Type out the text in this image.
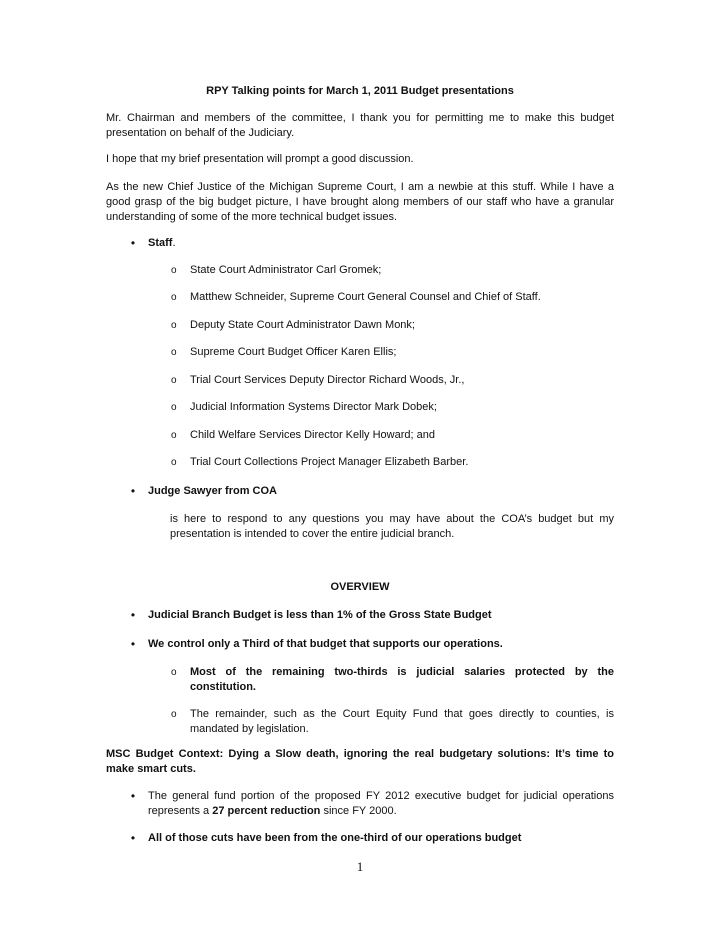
RPY Talking points for March 1, 2011 Budget presentations

Mr. Chairman and members of the committee, I thank you for permitting me to make this budget presentation on behalf of the Judiciary.

I hope that my brief presentation will prompt a good discussion.

As the new Chief Justice of the Michigan Supreme Court, I am a newbie at this stuff. While I have a good grasp of the big budget picture, I have brought along members of our staff who have a granular understanding of some of the more technical budget issues.

• Staff.

o State Court Administrator Carl Gromek;

o Matthew Schneider, Supreme Court General Counsel and Chief of Staff.

o Deputy State Court Administrator Dawn Monk;

o Supreme Court Budget Officer Karen Ellis;

o Trial Court Services Deputy Director Richard Woods, Jr.,

o Judicial Information Systems Director Mark Dobek;

o Child Welfare Services Director Kelly Howard; and

o Trial Court Collections Project Manager Elizabeth Barber.

• Judge Sawyer from COA

is here to respond to any questions you may have about the COA’s budget but my presentation is intended to cover the entire judicial branch.

OVERVIEW

• Judicial Branch Budget is less than 1% of the Gross State Budget

• We control only a Third of that budget that supports our operations.

o Most of the remaining two-thirds is judicial salaries protected by the constitution.

o The remainder, such as the Court Equity Fund that goes directly to counties, is mandated by legislation.

MSC Budget Context: Dying a Slow death, ignoring the real budgetary solutions: It’s time to make smart cuts.

• The general fund portion of the proposed FY 2012 executive budget for judicial operations represents a 27 percent reduction since FY 2000.

• All of those cuts have been from the one-third of our operations budget

1
